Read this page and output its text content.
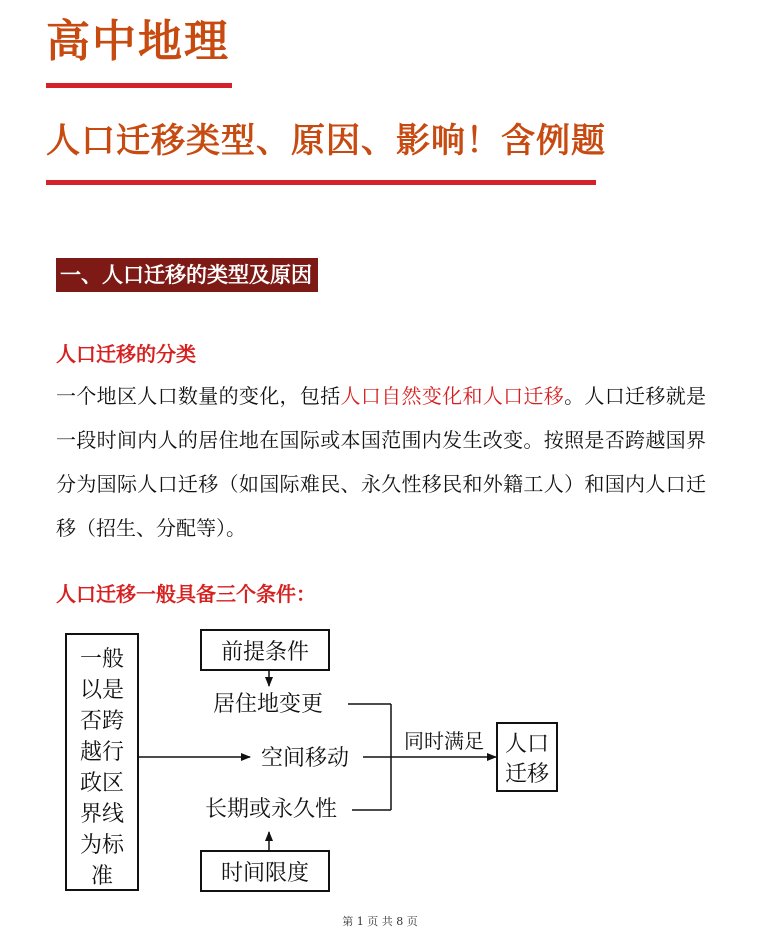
高中地理
人口迁移类型、原因、影响！含例题
一、人口迁移的类型及原因
人口迁移的分类
一个地区人口数量的变化，包括人口自然变化和人口迁移。人口迁移就是一段时间内人的居住地在国际或本国范围内发生改变。按照是否跨越国界分为国际人口迁移（如国际难民、永久性移民和外籍工人）和国内人口迁移（招生、分配等）。
人口迁移一般具备三个条件：
一般
以是
否跨
越行
政区
界线
为标
准
前提条件
居住地变更
空间移动
长期或永久性
时间限度
同时满足 人口
迁移
第 1 页 共 8 页
